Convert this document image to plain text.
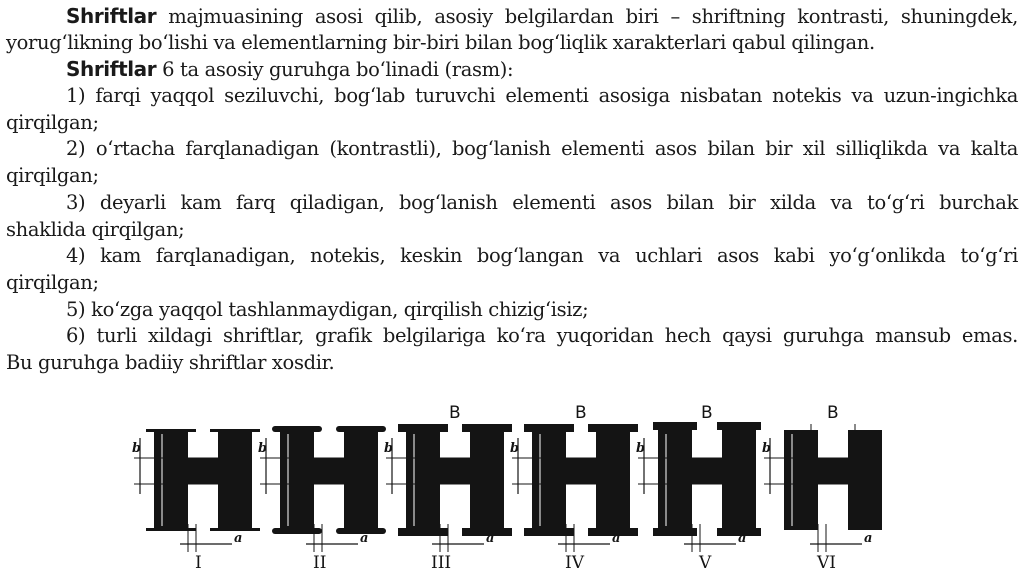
Shriftlar majmuasining asosi qilib, asosiy belgilardan biri – shriftning kontrasti, shuningdek,
yorug‘likning bo‘lishi va elementlarning bir-biri bilan bog‘liqlik xarakterlari qabul qilingan.
Shriftlar 6 ta asosiy guruhga bo‘linadi (rasm):
1) farqi yaqqol seziluvchi, bog‘lab turuvchi elementi asosiga nisbatan notekis va uzun-ingichka
qirqilgan;
2) o‘rtacha farqlanadigan (kontrastli), bog‘lanish elementi asos bilan bir xil silliqlikda va kalta
qirqilgan;
3) deyarli kam farq qiladigan, bog‘lanish elementi asos bilan bir xilda va to‘g‘ri burchak
shaklida qirqilgan;
4) kam farqlanadigan, notekis, keskin bog‘langan va uchlari asos kabi yo‘g‘onlikda to‘g‘ri
qirqilgan;
5) ko‘zga yaqqol tashlanmaydigan, qirqilish chizig‘isiz;
6) turli xildagi shriftlar, grafik belgilariga ko‘ra yuqoridan hech qaysi guruhga mansub emas.
Bu guruhga badiiy shriftlar xosdir.
b
a
I
b
a
II
b
a
B
III
b
a
B
IV
b
a
B
V
b
a
B
VI
